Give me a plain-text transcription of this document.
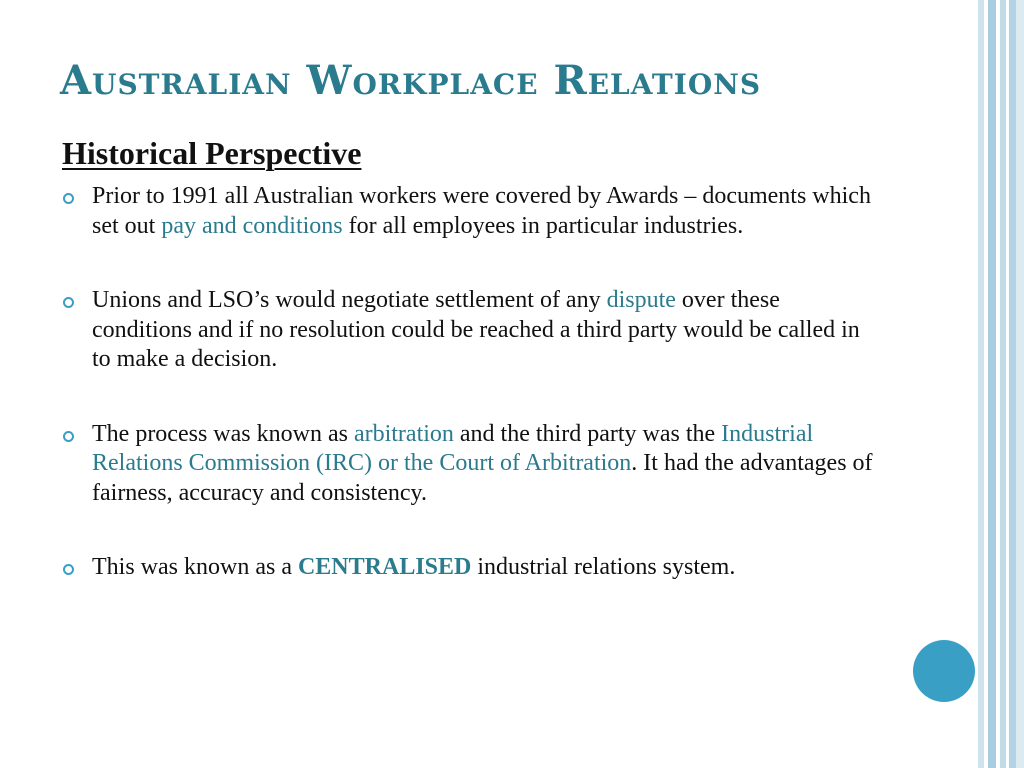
Australian Workplace Relations
Historical Perspective
Prior to 1991 all Australian workers were covered by Awards – documents which set out pay and conditions for all employees in particular industries.
Unions and LSO’s would negotiate settlement of any dispute over these conditions and if no resolution could be reached a third party would be called in to make a decision.
The process was known as arbitration and the third party was the Industrial Relations Commission (IRC) or the Court of Arbitration. It had the advantages of fairness, accuracy and consistency.
This was known as a CENTRALISED industrial relations system.
